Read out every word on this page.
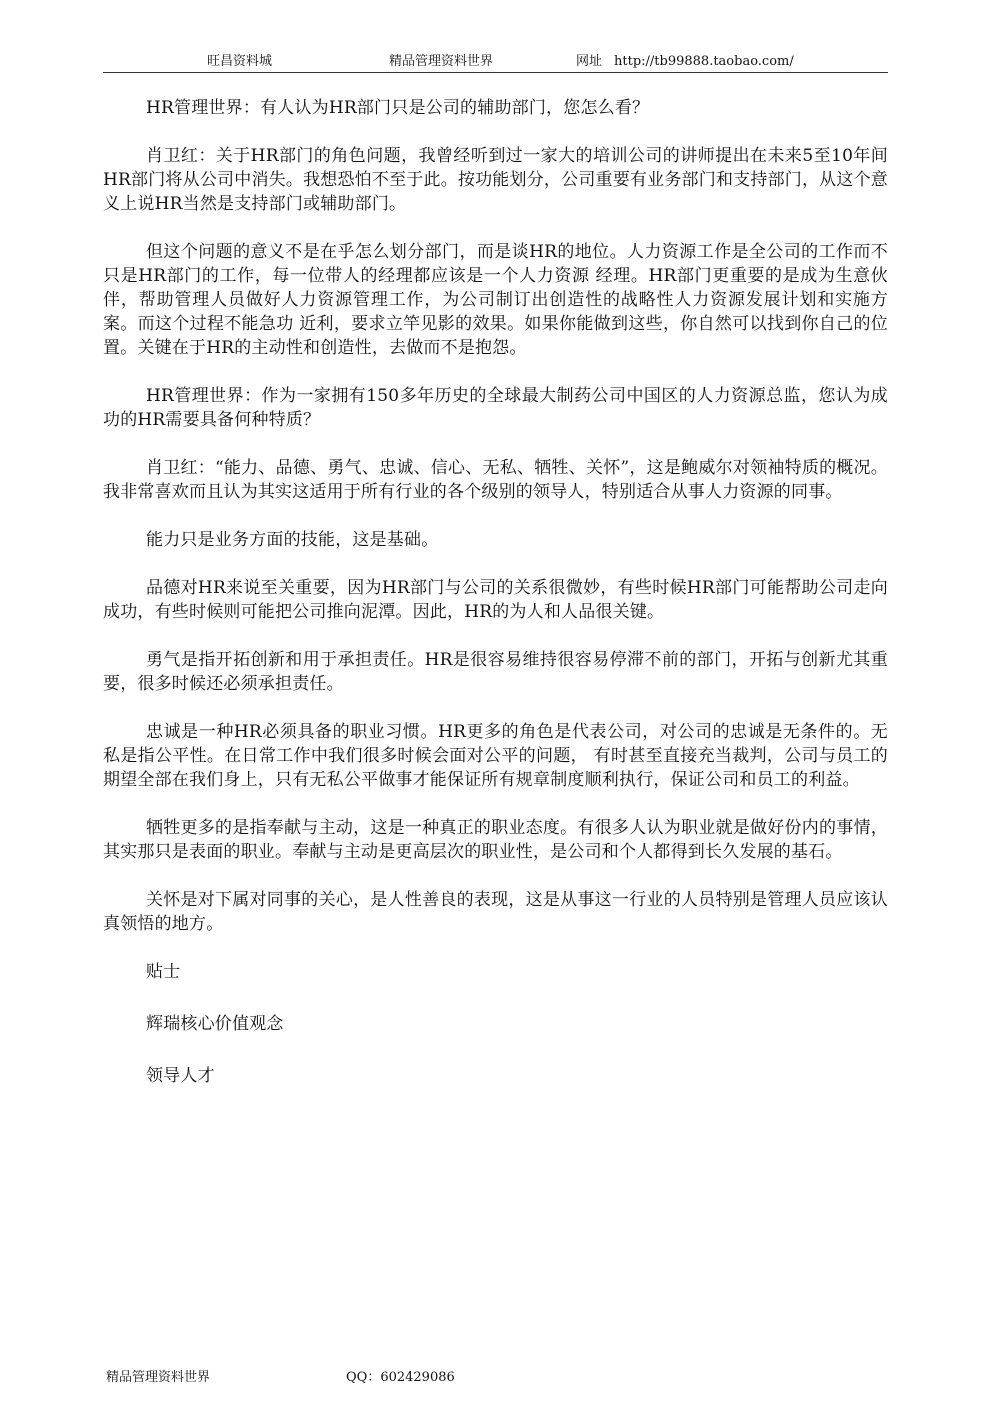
旺昌资料城	精品管理资料世界	网址 http://tb99888.taobao.com/

HR管理世界：有人认为HR部门只是公司的辅助部门，您怎么看？

肖卫红：关于HR部门的角色问题，我曾经听到过一家大的培训公司的讲师提出在未来5至10年间HR部门将从公司中消失。我想恐怕不至于此。按功能划分，公司重要有业务部门和支持部门，从这个意义上说HR当然是支持部门或辅助部门。

但这个问题的意义不是在乎怎么划分部门，而是谈HR的地位。人力资源工作是全公司的工作而不只是HR部门的工作，每一位带人的经理都应该是一个人力资源 经理。HR部门更重要的是成为生意伙伴，帮助管理人员做好人力资源管理工作，为公司制订出创造性的战略性人力资源发展计划和实施方案。而这个过程不能急功 近利，要求立竿见影的效果。如果你能做到这些，你自然可以找到你自己的位置。关键在于HR的主动性和创造性，去做而不是抱怨。

HR管理世界：作为一家拥有150多年历史的全球最大制药公司中国区的人力资源总监，您认为成功的HR需要具备何种特质？

肖卫红：“能力、品德、勇气、忠诚、信心、无私、牺牲、关怀”，这是鲍威尔对领袖特质的概况。 我非常喜欢而且认为其实这适用于所有行业的各个级别的领导人，特别适合从事人力资源的同事。

能力只是业务方面的技能，这是基础。

品德对HR来说至关重要，因为HR部门与公司的关系很微妙，有些时候HR部门可能帮助公司走向成功，有些时候则可能把公司推向泥潭。因此，HR的为人和人品很关键。

勇气是指开拓创新和用于承担责任。HR是很容易维持很容易停滞不前的部门，开拓与创新尤其重要，很多时候还必须承担责任。

忠诚是一种HR必须具备的职业习惯。HR更多的角色是代表公司，对公司的忠诚是无条件的。无私是指公平性。在日常工作中我们很多时候会面对公平的问题， 有时甚至直接充当裁判，公司与员工的期望全部在我们身上，只有无私公平做事才能保证所有规章制度顺利执行，保证公司和员工的利益。

牺牲更多的是指奉献与主动，这是一种真正的职业态度。有很多人认为职业就是做好份内的事情，其实那只是表面的职业。奉献与主动是更高层次的职业性，是公司和个人都得到长久发展的基石。

关怀是对下属对同事的关心，是人性善良的表现，这是从事这一行业的人员特别是管理人员应该认真领悟的地方。

贴士

辉瑞核心价值观念

领导人才

精品管理资料世界	QQ：602429086
